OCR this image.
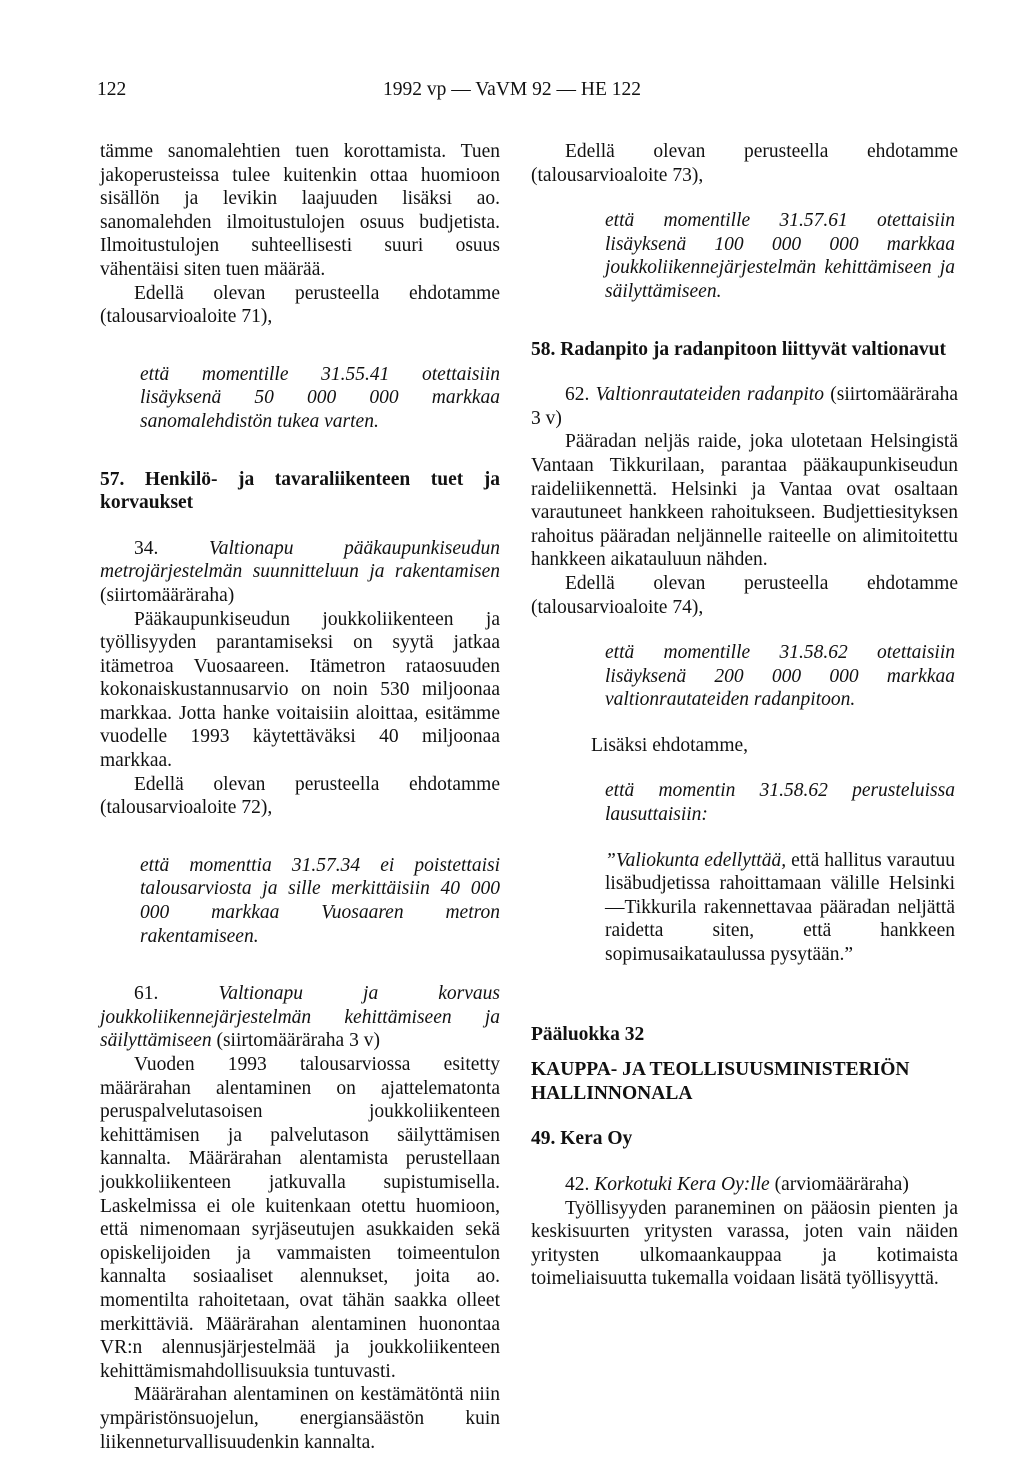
122	1992 vp — VaVM 92 — HE 122

tämme sanomalehtien tuen korottamista. Tuen jakoperusteissa tulee kuitenkin ottaa huomioon sisällön ja levikin laajuuden lisäksi ao. sanomalehden ilmoitustulojen osuus budjetista. Ilmoitustulojen suhteellisesti suuri osuus vähentäisi siten tuen määrää.

Edellä olevan perusteella ehdotamme (talousarvioaloite 71),

että momentille 31.55.41 otettaisiin lisäyksenä 50 000 000 markkaa sanomalehdistön tukea varten.

57. Henkilö- ja tavaraliikenteen tuet ja korvaukset

34.	Valtionapu pääkaupunkiseudun metrojärjestelmän suunnitteluun ja rakentamisen (siirtomääräraha)

Pääkaupunkiseudun joukkoliikenteen ja työllisyyden parantamiseksi on syytä jatkaa itämetroa Vuosaareen. Itämetron rataosuuden kokonaiskustannusarvio on noin 530 miljoonaa markkaa. Jotta hanke voitaisiin aloittaa, esitämme vuodelle 1993 käytettäväksi 40 miljoonaa markkaa.

Edellä olevan perusteella ehdotamme (talousarvioaloite 72),

että momenttia 31.57.34 ei poistettaisi talousarviosta ja sille merkittäisiin 40 000 000 markkaa Vuosaaren metron rakentamiseen.

61.	Valtionapu ja korvaus joukkoliikennejärjestelmän kehittämiseen ja säilyttämiseen (siirtomääräraha 3 v)

Vuoden 1993 talousarviossa esitetty määrärahan alentaminen on ajattelematonta peruspalvelutasoisen joukkoliikenteen kehittämisen ja palvelutason säilyttämisen kannalta. Määrärahan alentamista perustellaan joukkoliikenteen jatkuvalla supistumisella. Laskelmissa ei ole kuitenkaan otettu huomioon, että nimenomaan syrjäseutujen asukkaiden sekä opiskelijoiden ja vammaisten toimeentulon kannalta sosiaaliset alennukset, joita ao. momentilta rahoitetaan, ovat tähän saakka olleet merkittäviä. Määrärahan alentaminen huonontaa VR:n alennusjärjestelmää ja joukkoliikenteen kehittämismahdollisuuksia tuntuvasti.

Määrärahan alentaminen on kestämätöntä niin ympäristönsuojelun, energiansäästön kuin liikenneturvallisuudenkin kannalta.

Edellä olevan perusteella ehdotamme (talousarvioaloite 73),

että momentille 31.57.61 otettaisiin lisäyksenä 100 000 000 markkaa joukkoliikennejärjestelmän kehittämiseen ja säilyttämiseen.

58. Radanpito ja radanpitoon liittyvät valtionavut

62. Valtionrautateiden radanpito (siirtomääräraha 3 v)

Pääradan neljäs raide, joka ulotetaan Helsingistä Vantaan Tikkurilaan, parantaa pääkaupunkiseudun raideliikennettä. Helsinki ja Vantaa ovat osaltaan varautuneet hankkeen rahoitukseen. Budjettiesityksen rahoitus pääradan neljännelle raiteelle on alimitoitettu hankkeen aikatauluun nähden.

Edellä olevan perusteella ehdotamme (talousarvioaloite 74),

että momentille 31.58.62 otettaisiin lisäyksenä 200 000 000 markkaa valtionrautateiden radanpitoon.

Lisäksi ehdotamme,

että momentin 31.58.62 perusteluissa lausuttaisiin:

”Valiokunta edellyttää, että hallitus varautuu lisäbudjetissa rahoittamaan välille Helsinki—Tikkurila rakennettavaa pääradan neljättä raidetta siten, että hankkeen sopimusaikataulussa pysytään.”

Pääluokka 32

KAUPPA- JA TEOLLISUUSMINISTERIÖN

HALLINNONALA

49. Kera Oy

42. Korkotuki Kera Oy:lle (arviomääräraha)

Työllisyyden paraneminen on pääosin pienten ja keskisuurten yritysten varassa, joten vain näiden yritysten ulkomaankauppaa ja kotimaista toimeliaisuutta tukemalla voidaan lisätä työllisyyttä.
